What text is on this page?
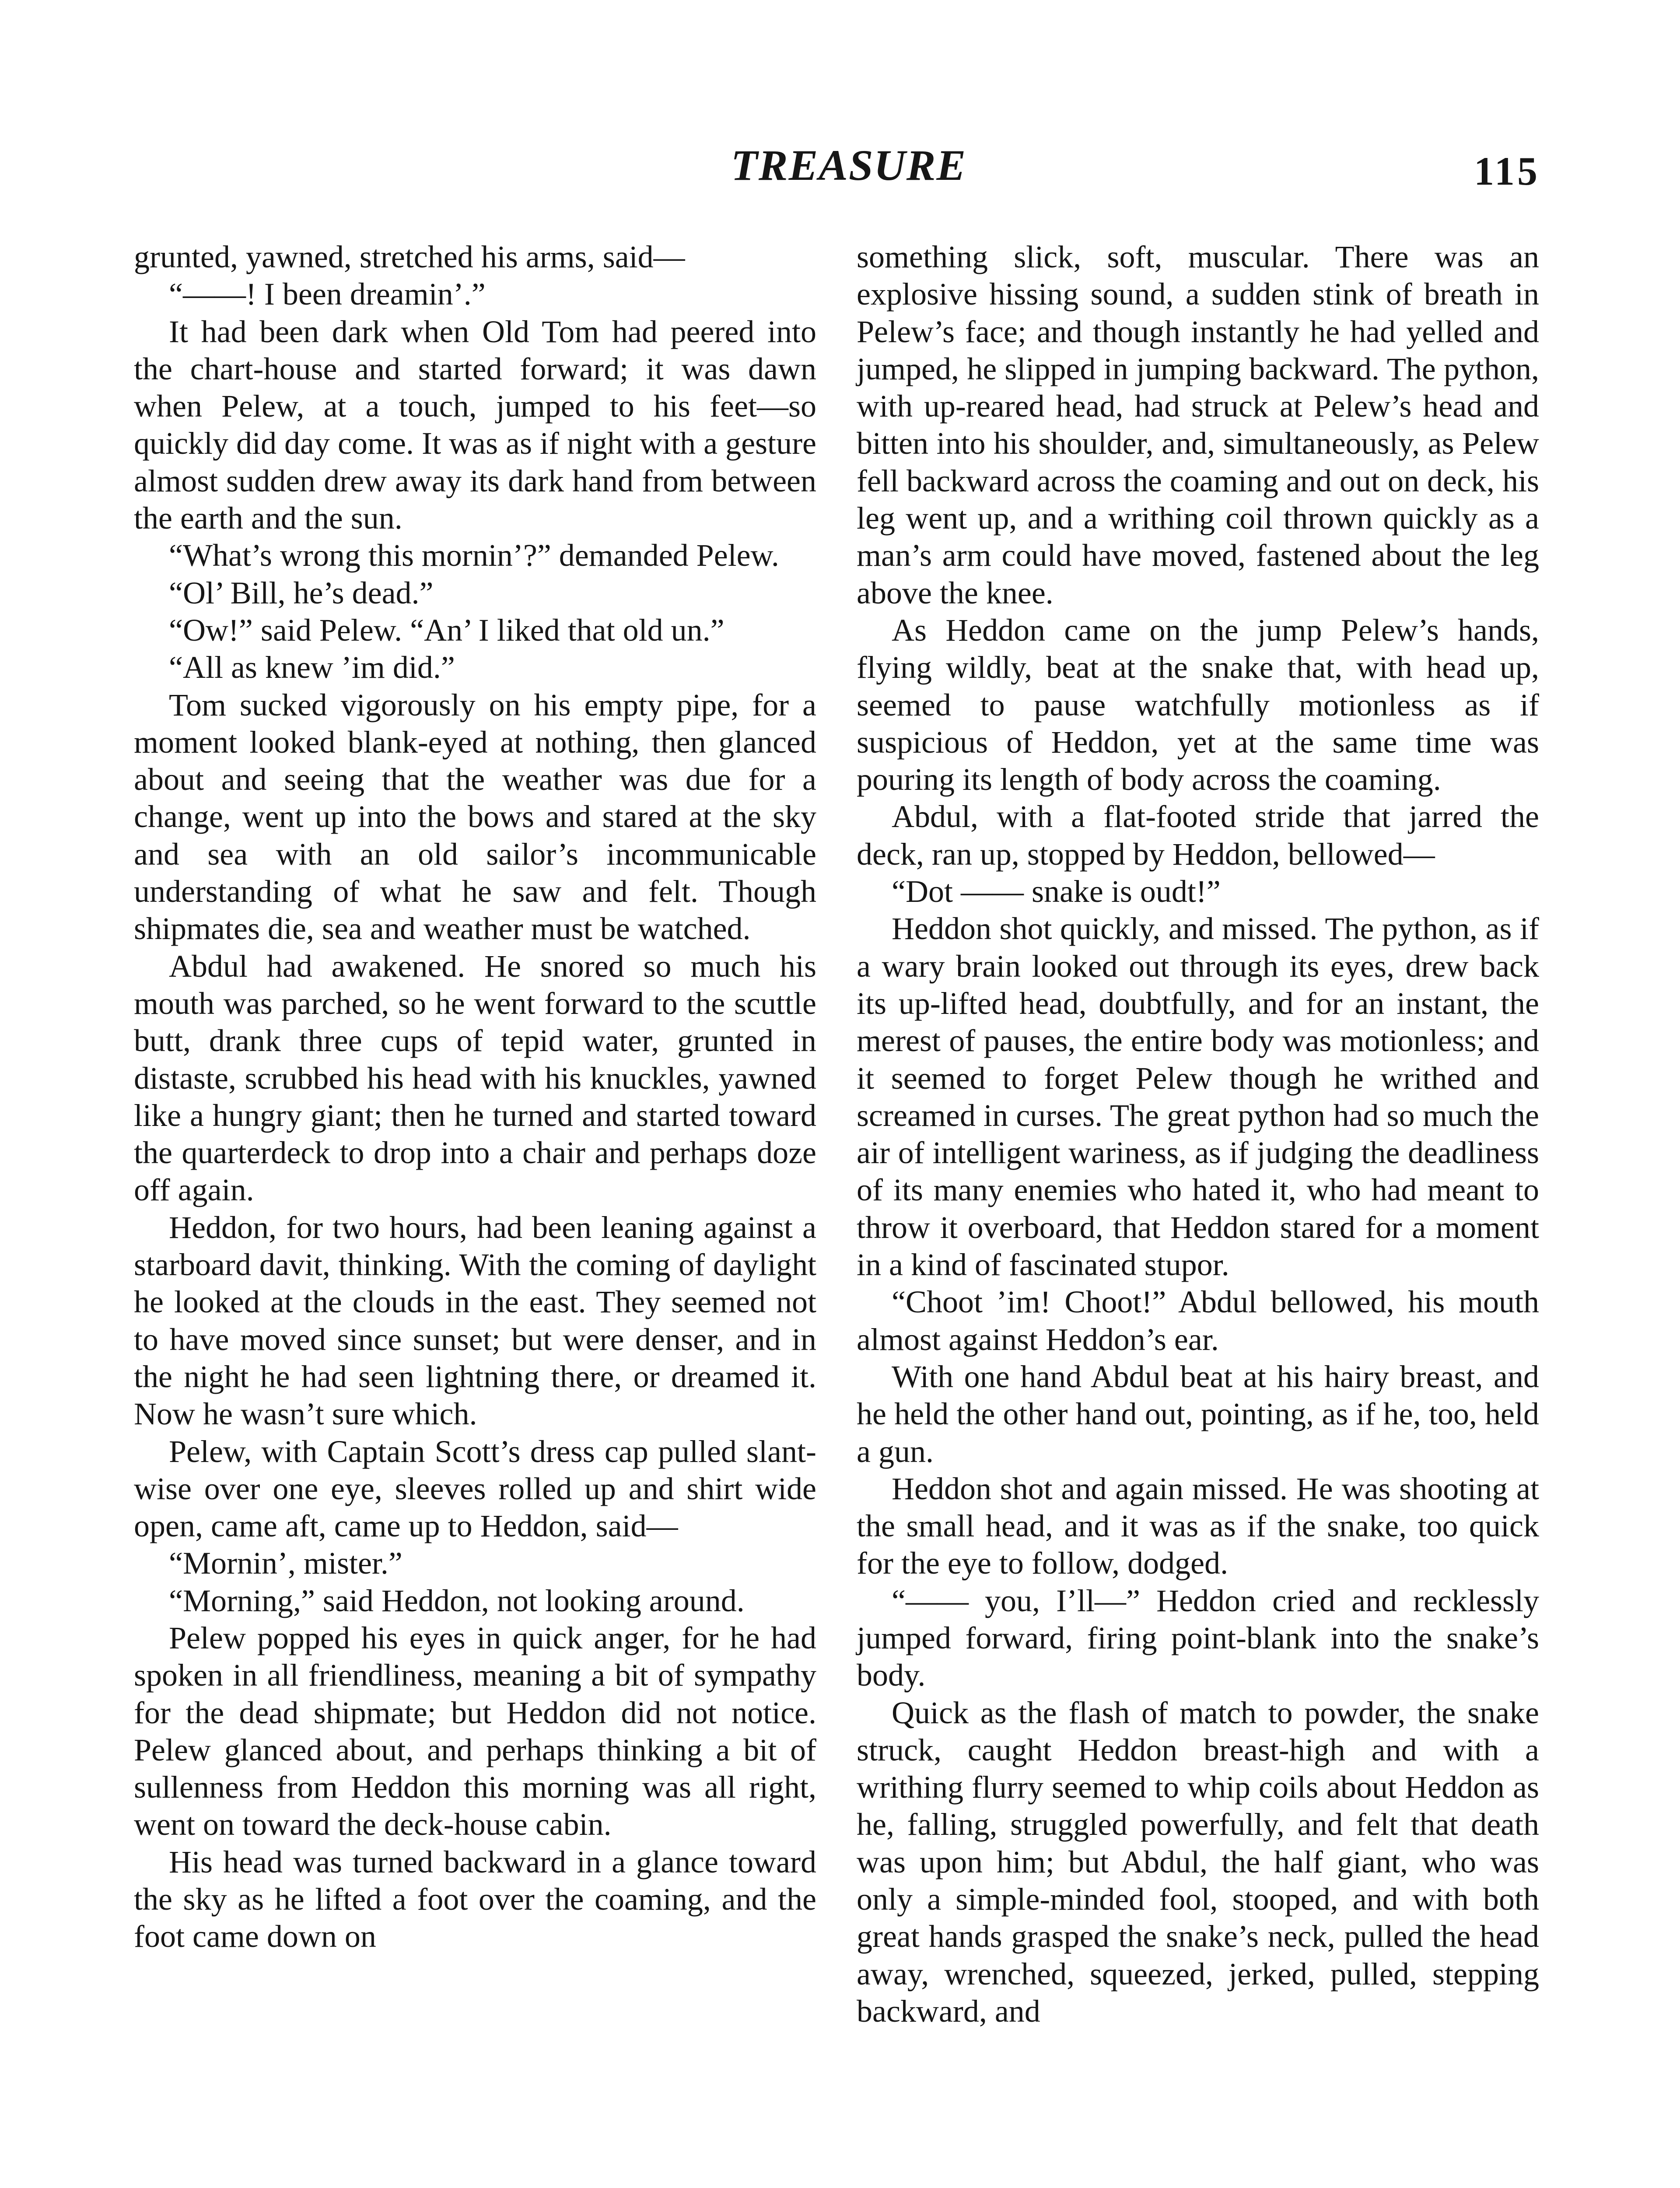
TREASURE	115

grunted, yawned, stretched his arms, said—

“——! I been dreamin’.”

It had been dark when Old Tom had peered into the chart-house and started forward; it was dawn when Pelew, at a touch, jumped to his feet—so quickly did day come. It was as if night with a gesture almost sudden drew away its dark hand from between the earth and the sun.

“What’s wrong this mornin’?” demanded Pelew.

“Ol’ Bill, he’s dead.”

“Ow!” said Pelew. “An’ I liked that old un.”

“All as knew ’im did.”

Tom sucked vigorously on his empty pipe, for a moment looked blank-eyed at nothing, then glanced about and seeing that the weather was due for a change, went up into the bows and stared at the sky and sea with an old sailor’s incommunicable understanding of what he saw and felt. Though shipmates die, sea and weather must be watched.

Abdul had awakened. He snored so much his mouth was parched, so he went forward to the scuttle butt, drank three cups of tepid water, grunted in distaste, scrubbed his head with his knuckles, yawned like a hungry giant; then he turned and started toward the quarterdeck to drop into a chair and perhaps doze off again.

Heddon, for two hours, had been leaning against a starboard davit, thinking. With the coming of daylight he looked at the clouds in the east. They seemed not to have moved since sunset; but were denser, and in the night he had seen lightning there, or dreamed it. Now he wasn’t sure which.

Pelew, with Captain Scott’s dress cap pulled slant-wise over one eye, sleeves rolled up and shirt wide open, came aft, came up to Heddon, said—

“Mornin’, mister.”

“Morning,” said Heddon, not looking around.

Pelew popped his eyes in quick anger, for he had spoken in all friendliness, meaning a bit of sympathy for the dead shipmate; but Heddon did not notice. Pelew glanced about, and perhaps thinking a bit of sullenness from Heddon this morning was all right, went on toward the deck-house cabin.

His head was turned backward in a glance toward the sky as he lifted a foot over the coaming, and the foot came down on

something slick, soft, muscular. There was an explosive hissing sound, a sudden stink of breath in Pelew’s face; and though instantly he had yelled and jumped, he slipped in jumping backward. The python, with up-reared head, had struck at Pelew’s head and bitten into his shoulder, and, simultaneously, as Pelew fell backward across the coaming and out on deck, his leg went up, and a writhing coil thrown quickly as a man’s arm could have moved, fastened about the leg above the knee.

As Heddon came on the jump Pelew’s hands, flying wildly, beat at the snake that, with head up, seemed to pause watchfully motionless as if suspicious of Heddon, yet at the same time was pouring its length of body across the coaming.

Abdul, with a flat-footed stride that jarred the deck, ran up, stopped by Heddon, bellowed—

“Dot —— snake is oudt!”

Heddon shot quickly, and missed. The python, as if a wary brain looked out through its eyes, drew back its up-lifted head, doubtfully, and for an instant, the merest of pauses, the entire body was motionless; and it seemed to forget Pelew though he writhed and screamed in curses. The great python had so much the air of intelligent wariness, as if judging the deadliness of its many enemies who hated it, who had meant to throw it overboard, that Heddon stared for a moment in a kind of fascinated stupor.

“Choot ’im! Choot!” Abdul bellowed, his mouth almost against Heddon’s ear.

With one hand Abdul beat at his hairy breast, and he held the other hand out, pointing, as if he, too, held a gun.

Heddon shot and again missed. He was shooting at the small head, and it was as if the snake, too quick for the eye to follow, dodged.

“—— you, I’ll—” Heddon cried and recklessly jumped forward, firing point-blank into the snake’s body.

Quick as the flash of match to powder, the snake struck, caught Heddon breast-high and with a writhing flurry seemed to whip coils about Heddon as he, falling, struggled powerfully, and felt that death was upon him; but Abdul, the half giant, who was only a simple-minded fool, stooped, and with both great hands grasped the snake’s neck, pulled the head away, wrenched, squeezed, jerked, pulled, stepping backward, and
